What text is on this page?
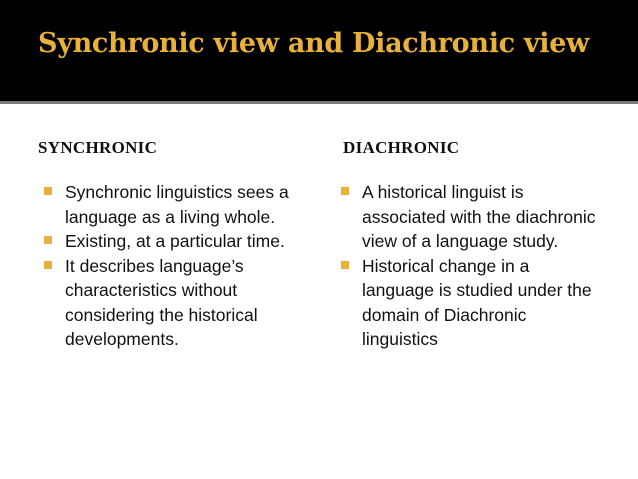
Synchronic view and Diachronic view
SYNCHRONIC	DIACHRONIC
Synchronic linguistics sees a language as a living whole.
Existing, at a particular time.
It describes language’s characteristics without considering the historical developments.
A historical linguist is associated with the diachronic view of a language study.
Historical change in a language is studied under the domain of Diachronic linguistics
